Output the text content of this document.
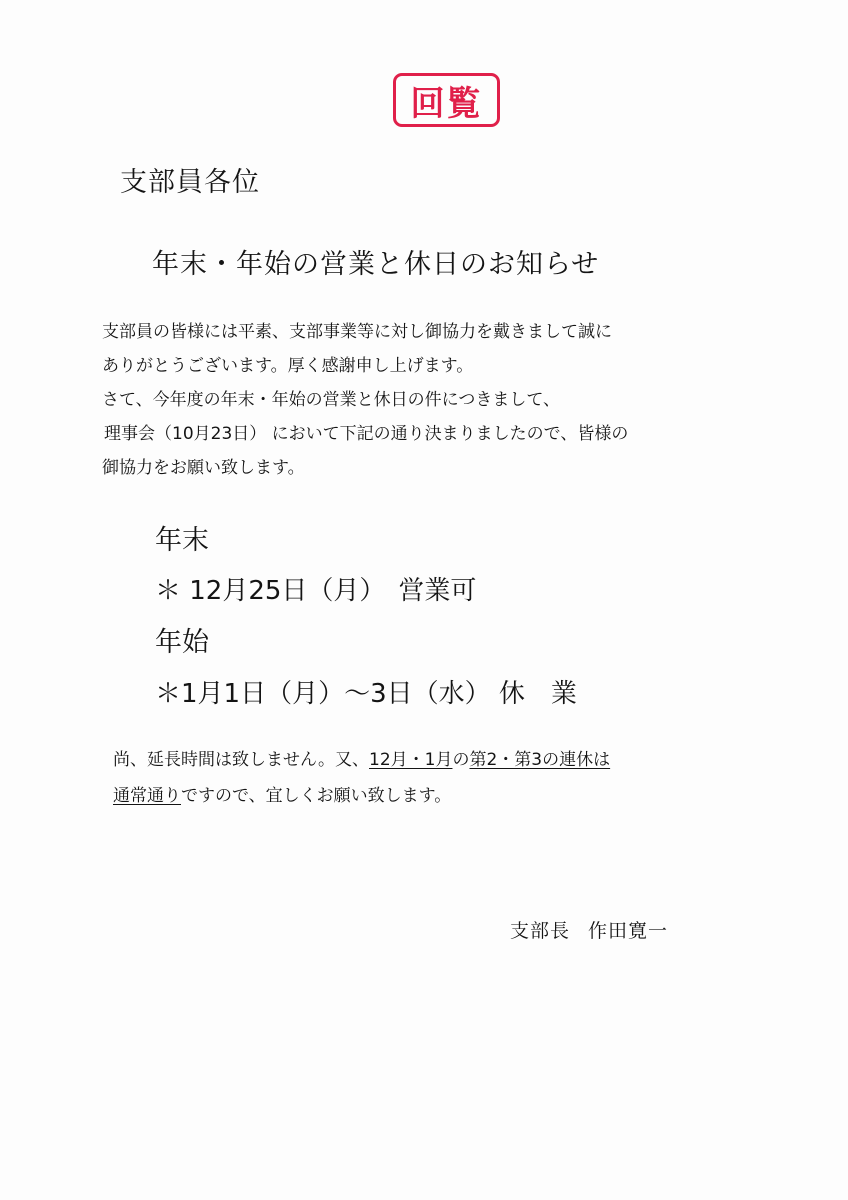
回覧
支部員各位
年末・年始の営業と休日のお知らせ
支部員の皆様には平素、支部事業等に対し御協力を戴きまして誠に
ありがとうございます。厚く感謝申し上げます。
さて、今年度の年末・年始の営業と休日の件につきまして、
理事会（10月23日） において下記の通り決まりましたので、皆様の
御協力をお願い致します。
年末
＊ 12月25日（月）　営業可
年始
＊1月1日（月）～3日（水） 休　業
尚、延長時間は致しません。又、12月・1月の第2・第3の連休は
通常通りですので、宜しくお願い致します。
支部長 作田寛一
